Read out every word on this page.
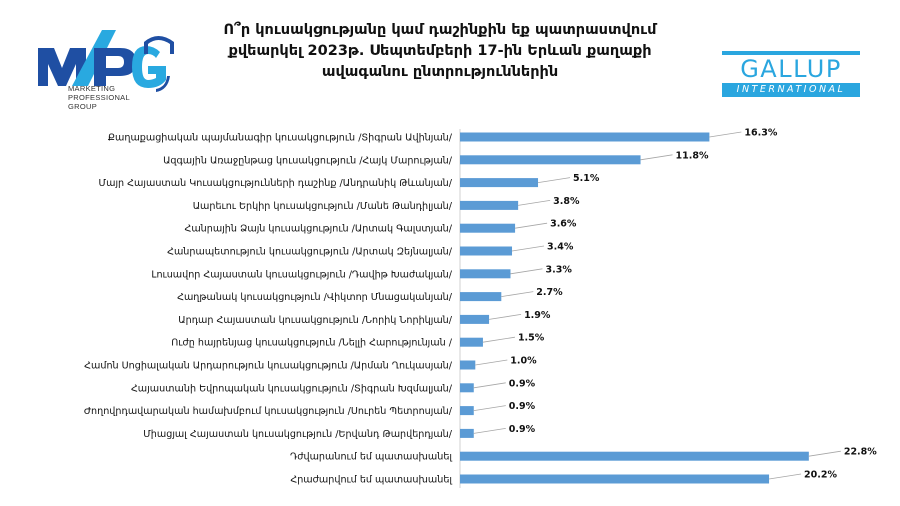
MARKETING
PROFESSIONAL
GROUP
Ո՞ր կուսակցությանը կամ դաշինքին եք պատրաստվում քվեարկել 2023թ. Սեպտեմբերի 17-ին Երևան քաղաքի ավագանու ընտրություններին	GALLUP
INTERNATIONAL
Քաղաքացիական պայմանագիր կուսակցություն /Տիգրան Ավինյան/	16.3%
Ազգային Առաջընթաց կուսակցություն /Հայկ Մարության/	11.8%
Մայր Հայաստան Կուսակցությունների դաշինք /Անդրանիկ Թևանյան/	5.1%
Աարեւու Երկիր կուսակցություն /Մանե Թանդիլյան/	3.8%
Հանրային Ձայն կուսակցություն /Արտակ Գալստյան/	3.6%
Հանրապետություն կուսակցություն /Արտակ Զեյնալյան/	3.4%
Լուսավոր Հայաստան կուսակցություն /Դավիթ Խաժակյան/	3.3%
Հաղթանակ կուսակցություն /Վիկտոր Մնացականյան/	2.7%
Արդար Հայաստան կուսակցություն /Նորիկ Նորիկյան/	1.9%
Ուժը hայրենյաց կուսակցություն /Նելլի Հարությունյան /	1.5%
Համոն Սոցիալական Արդարություն կուսակցություն /Արման Ղուկասյան/	1.0%
Հայաստանի Եվրոպական կուսակցություն /Տիգրան Խզմալյան/	0.9%
Ժողովրդավարական hամախմբում կուսակցություն /Սուրեն Պետրոսյան/	0.9%
Միացյալ Հայաստան կուսակցություն /Երվանդ Թարվերդյան/	0.9%
Դժվարանում եմ պատասխանել	22.8%
Հրաժարվում եմ պատասխանել	20.2%
